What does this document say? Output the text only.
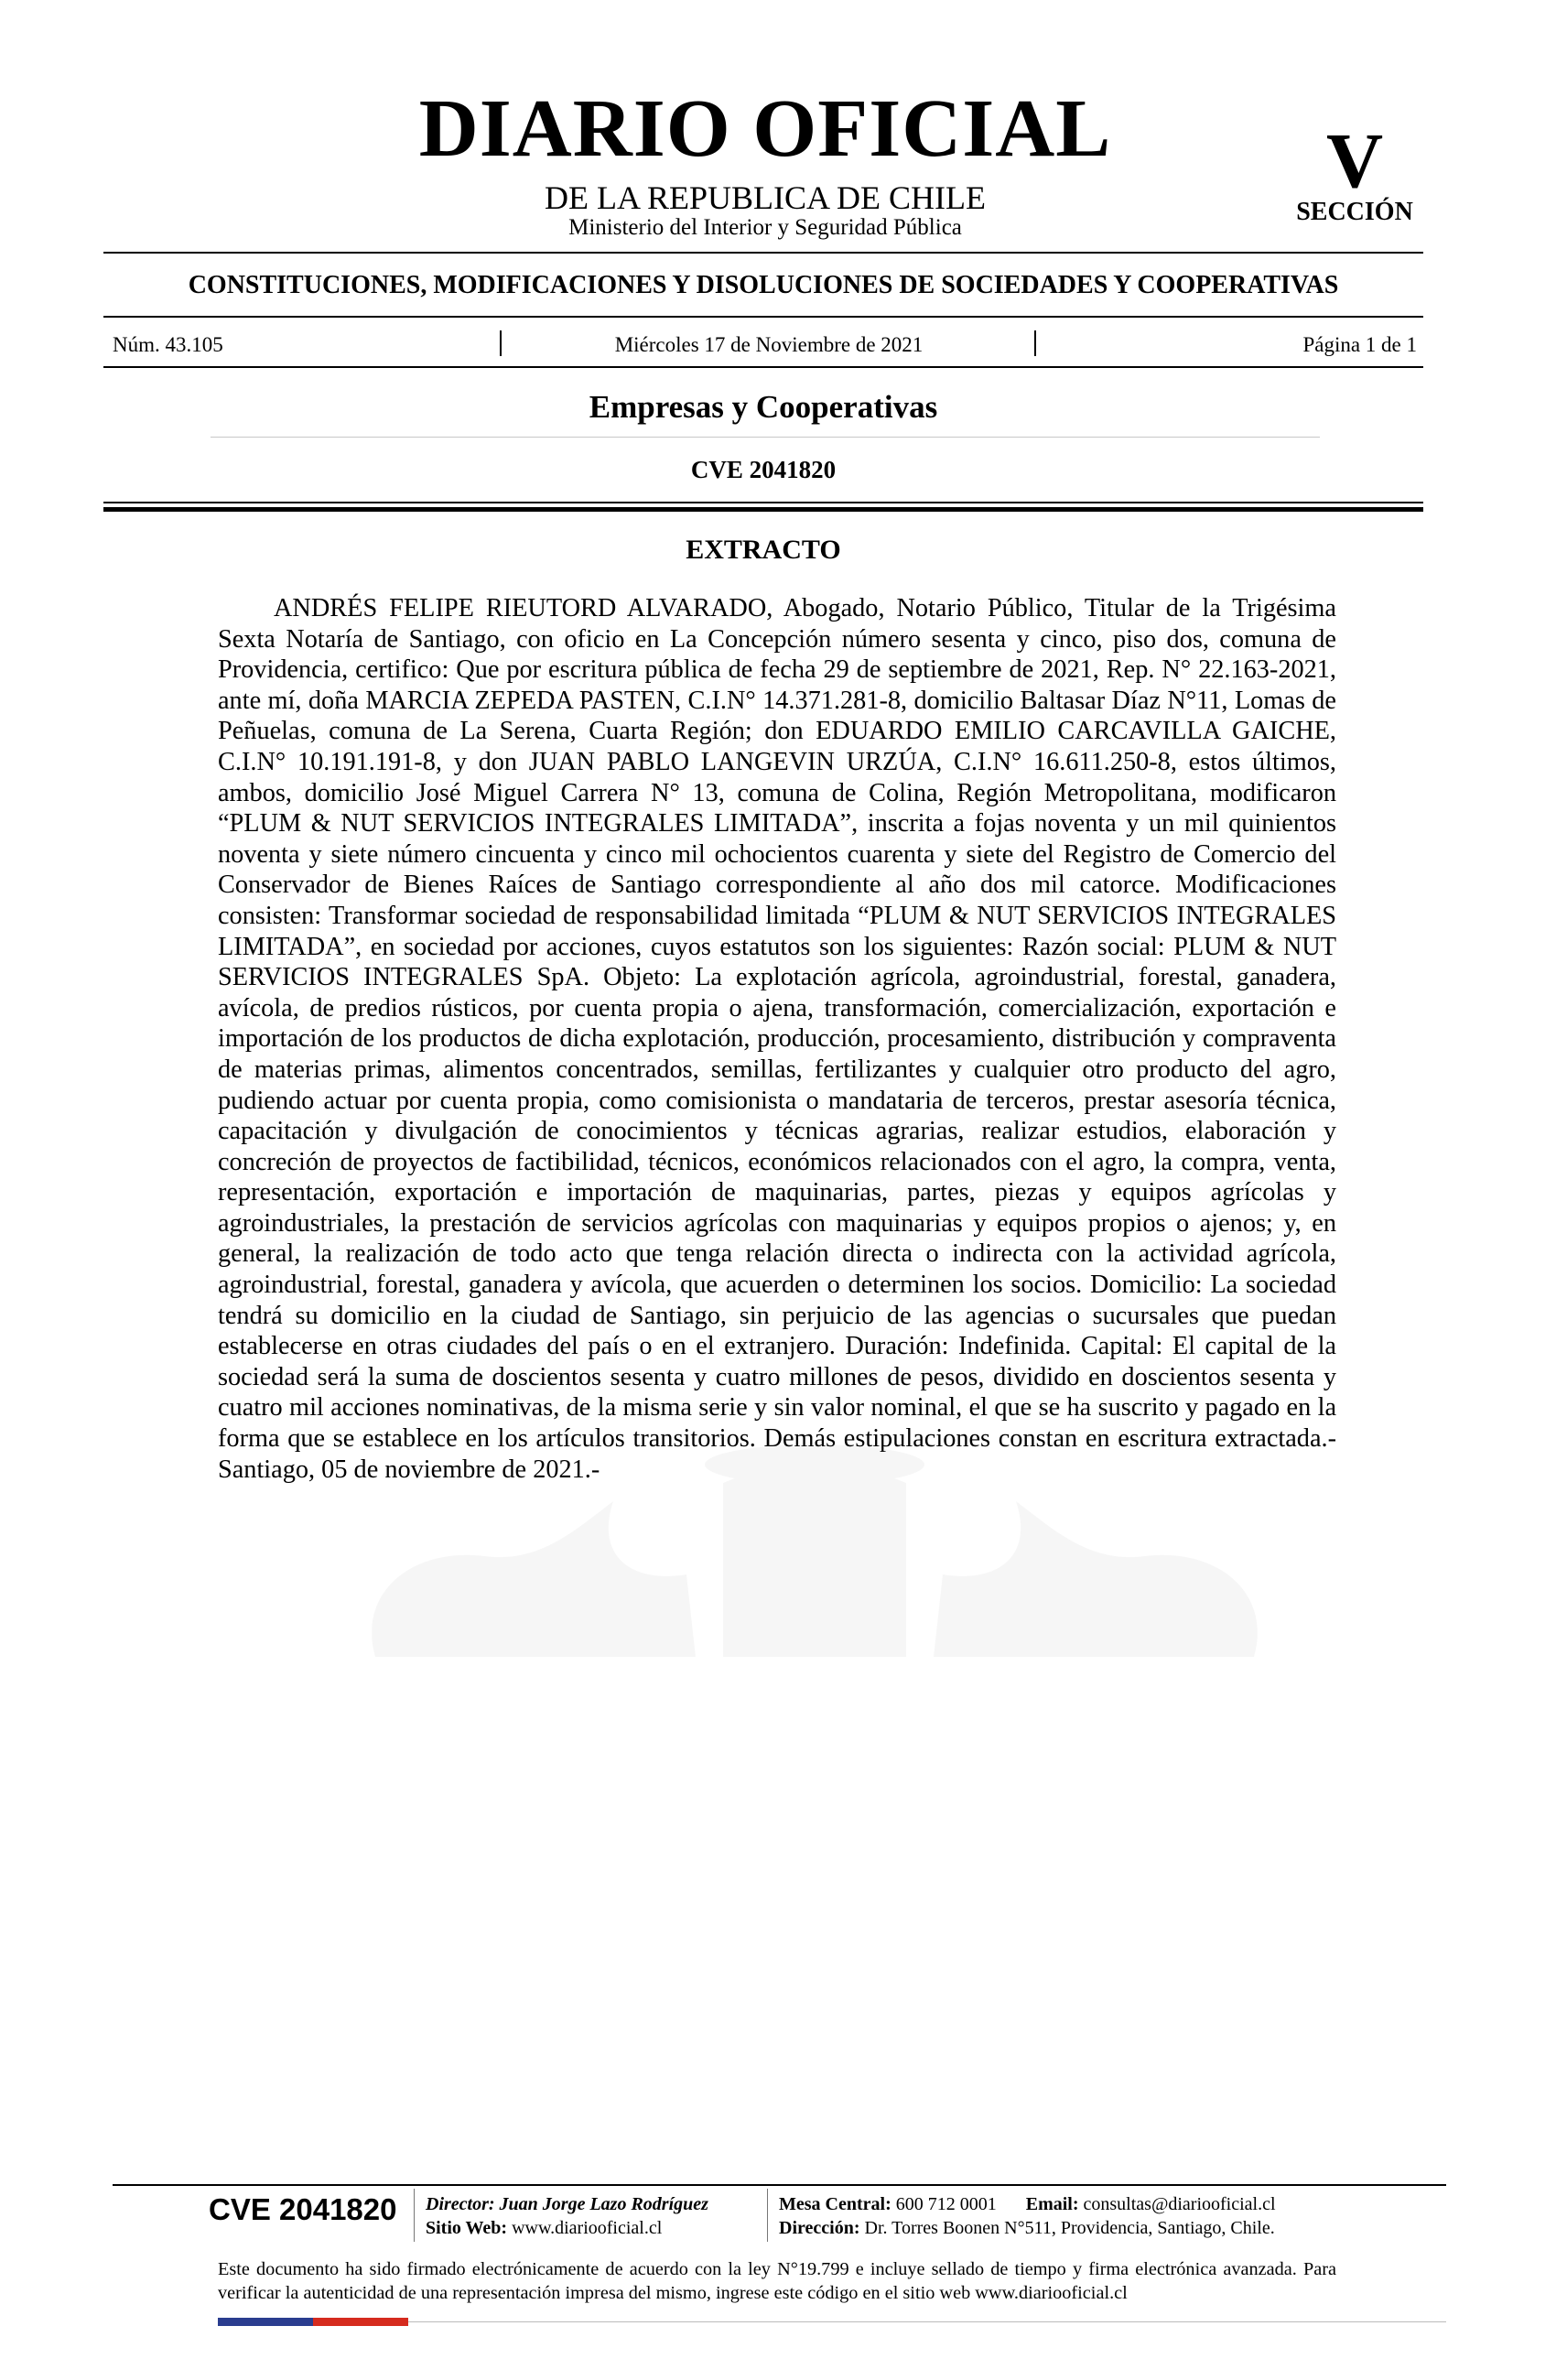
DIARIO OFICIAL
DE LA REPUBLICA DE CHILE
Ministerio del Interior y Seguridad Pública
V
SECCIÓN
CONSTITUCIONES, MODIFICACIONES Y DISOLUCIONES DE SOCIEDADES Y COOPERATIVAS
Núm. 43.105	Miércoles 17 de Noviembre de 2021	Página 1 de 1
Empresas y Cooperativas
CVE 2041820
EXTRACTO

ANDRÉS FELIPE RIEUTORD ALVARADO, Abogado, Notario Público, Titular de la Trigésima Sexta Notaría de Santiago, con oficio en La Concepción número sesenta y cinco, piso dos, comuna de Providencia, certifico: Que por escritura pública de fecha 29 de septiembre de 2021, Rep. N° 22.163-2021, ante mí, doña MARCIA ZEPEDA PASTEN, C.I.N° 14.371.281-8, domicilio Baltasar Díaz N°11, Lomas de Peñuelas, comuna de La Serena, Cuarta Región; don EDUARDO EMILIO CARCAVILLA GAICHE, C.I.N° 10.191.191-8, y don JUAN PABLO LANGEVIN URZÚA, C.I.N° 16.611.250-8, estos últimos, ambos, domicilio José Miguel Carrera N° 13, comuna de Colina, Región Metropolitana, modificaron “PLUM & NUT SERVICIOS INTEGRALES LIMITADA”, inscrita a fojas noventa y un mil quinientos noventa y siete número cincuenta y cinco mil ochocientos cuarenta y siete del Registro de Comercio del Conservador de Bienes Raíces de Santiago correspondiente al año dos mil catorce. Modificaciones consisten: Transformar sociedad de responsabilidad limitada “PLUM & NUT SERVICIOS INTEGRALES LIMITADA”, en sociedad por acciones, cuyos estatutos son los siguientes: Razón social: PLUM & NUT SERVICIOS INTEGRALES SpA. Objeto: La explotación agrícola, agroindustrial, forestal, ganadera, avícola, de predios rústicos, por cuenta propia o ajena, transformación, comercialización, exportación e importación de los productos de dicha explotación, producción, procesamiento, distribución y compraventa de materias primas, alimentos concentrados, semillas, fertilizantes y cualquier otro producto del agro, pudiendo actuar por cuenta propia, como comisionista o mandataria de terceros, prestar asesoría técnica, capacitación y divulgación de conocimientos y técnicas agrarias, realizar estudios, elaboración y concreción de proyectos de factibilidad, técnicos, económicos relacionados con el agro, la compra, venta, representación, exportación e importación de maquinarias, partes, piezas y equipos agrícolas y agroindustriales, la prestación de servicios agrícolas con maquinarias y equipos propios o ajenos; y, en general, la realización de todo acto que tenga relación directa o indirecta con la actividad agrícola, agroindustrial, forestal, ganadera y avícola, que acuerden o determinen los socios. Domicilio: La sociedad tendrá su domicilio en la ciudad de Santiago, sin perjuicio de las agencias o sucursales que puedan establecerse en otras ciudades del país o en el extranjero. Duración: Indefinida. Capital: El capital de la sociedad será la suma de doscientos sesenta y cuatro millones de pesos, dividido en doscientos sesenta y cuatro mil acciones nominativas, de la misma serie y sin valor nominal, el que se ha suscrito y pagado en la forma que se establece en los artículos transitorios. Demás estipulaciones constan en escritura extractada.- Santiago, 05 de noviembre de 2021.-

CVE 2041820 Director: Juan Jorge Lazo Rodríguez
Sitio Web: www.diariooficial.cl
Mesa Central: 600 712 0001 Email: consultas@diariooficial.cl
Dirección: Dr. Torres Boonen N°511, Providencia, Santiago, Chile.

Este documento ha sido firmado electrónicamente de acuerdo con la ley N°19.799 e incluye sellado de tiempo y firma electrónica avanzada. Para verificar la autenticidad de una representación impresa del mismo, ingrese este código en el sitio web www.diariooficial.cl
